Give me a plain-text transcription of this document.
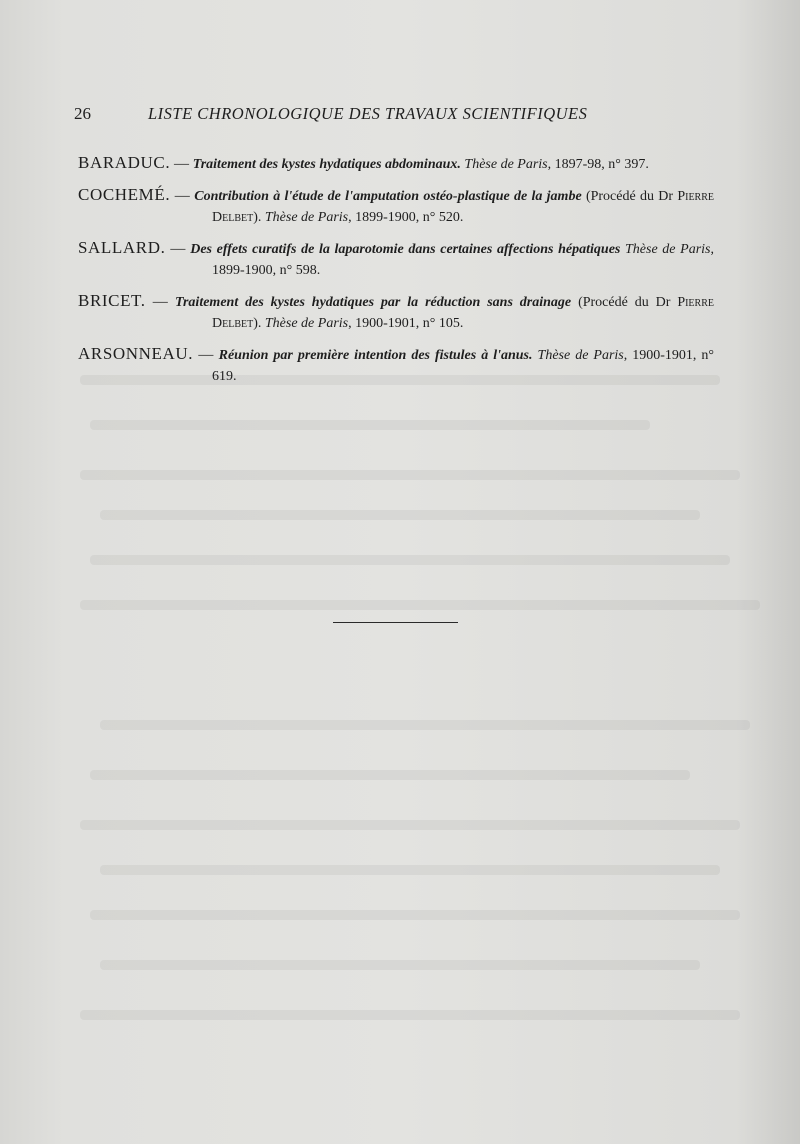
26	LISTE CHRONOLOGIQUE DES TRAVAUX SCIENTIFIQUES

BARADUC. — Traitement des kystes hydatiques abdominaux. Thèse de Paris, 1897-98, n° 397.

COCHEMÉ. — Contribution à l'étude de l'amputation ostéo-plastique de la jambe (Procédé du Dr Pierre Delbet). Thèse de Paris, 1899-1900, n° 520.

SALLARD. — Des effets curatifs de la laparotomie dans certaines affections hépatiques Thèse de Paris, 1899-1900, n° 598.

BRICET. — Traitement des kystes hydatiques par la réduction sans drainage (Procédé du Dr Pierre Delbet). Thèse de Paris, 1900-1901, n° 105.

ARSONNEAU. — Réunion par première intention des fistules à l'anus. Thèse de Paris, 1900-1901, n° 619.
